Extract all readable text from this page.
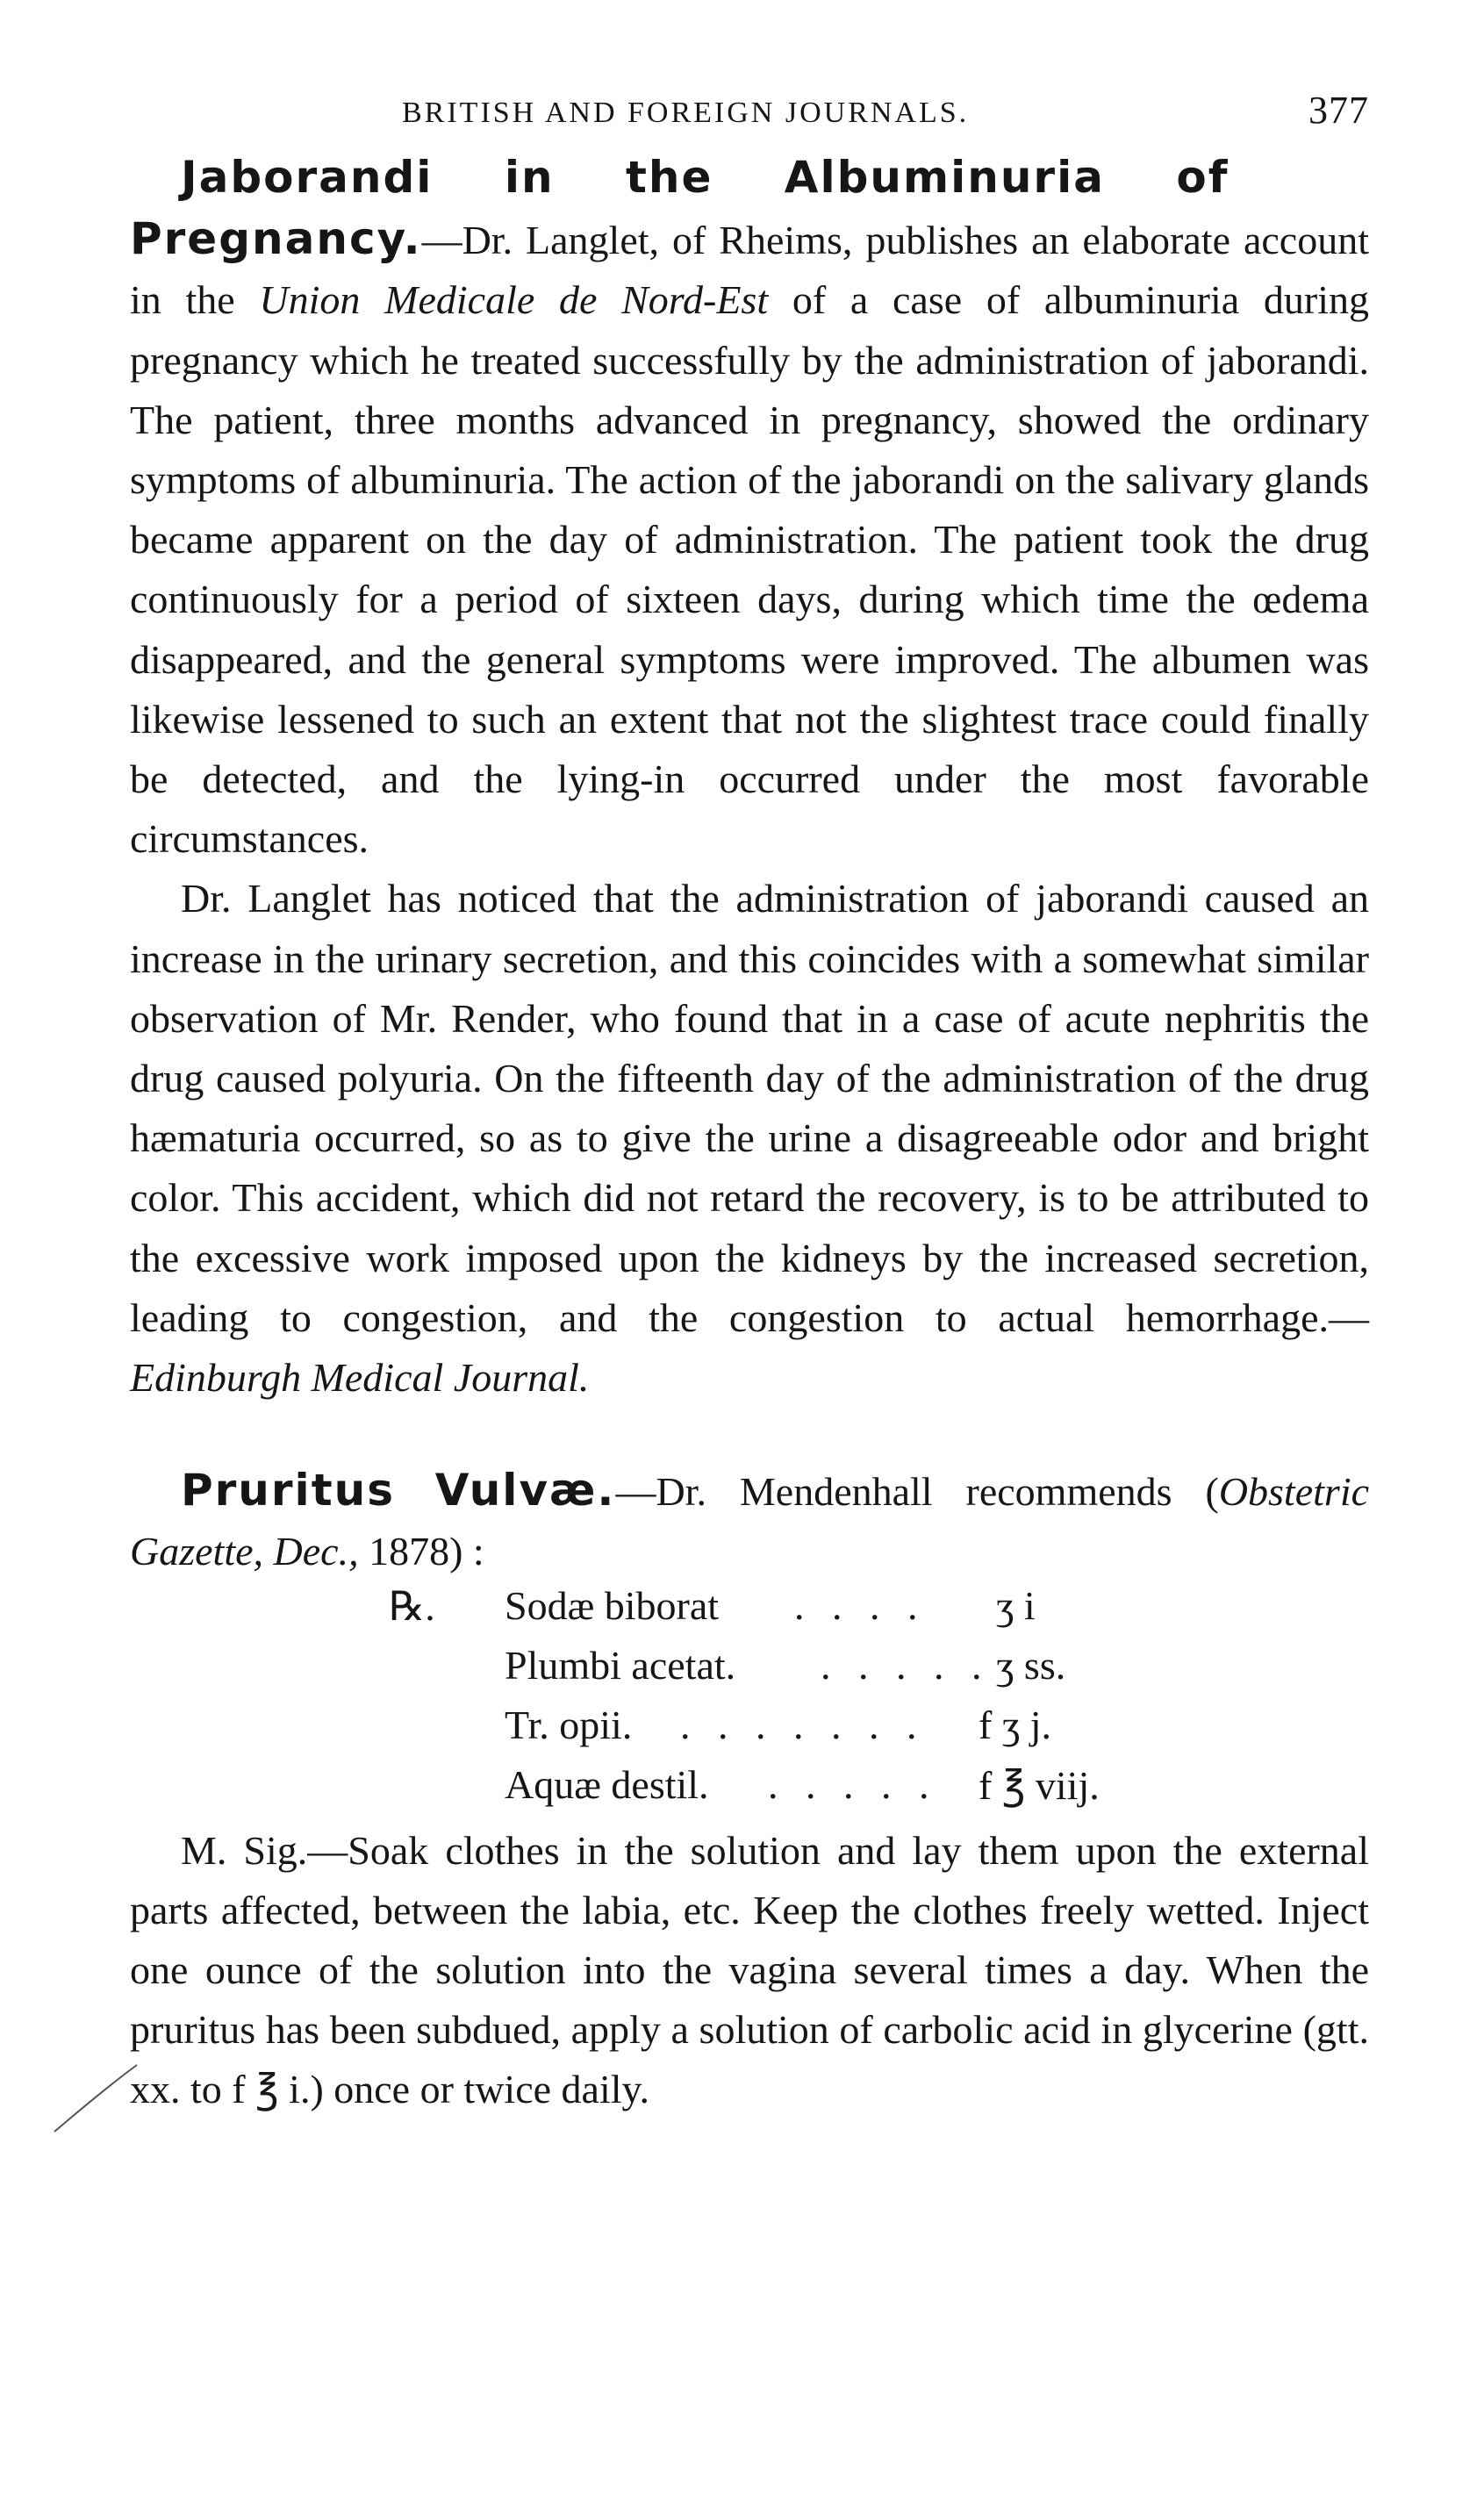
BRITISH AND FOREIGN JOURNALS.	377

Jaborandi in the Albuminuria of

Pregnancy.—Dr. Langlet, of Rheims, publishes an elaborate account in the Union Medicale de Nord-Est of a case of albuminuria during pregnancy which he treated successfully by the administration of jaborandi. The patient, three months advanced in pregnancy, showed the ordinary symptoms of albuminuria. The action of the jaborandi on the salivary glands became apparent on the day of administration. The patient took the drug continuously for a period of sixteen days, during which time the œdema disappeared, and the general symptoms were improved. The albumen was likewise lessened to such an extent that not the slightest trace could finally be detected, and the lying-in occurred under the most favorable circumstances.

Dr. Langlet has noticed that the administration of jaborandi caused an increase in the urinary secretion, and this coincides with a somewhat similar observation of Mr. Render, who found that in a case of acute nephritis the drug caused polyuria. On the fifteenth day of the administration of the drug hæmaturia occurred, so as to give the urine a disagreeable odor and bright color. This accident, which did not retard the recovery, is to be attributed to the excessive work imposed upon the kidneys by the increased secretion, leading to congestion, and the congestion to actual hemorrhage.—Edinburgh Medical Journal.

Pruritus Vulvæ.—Dr. Mendenhall recommends (Obstetric Gazette, Dec., 1878) :

℞. Sodæ biborat . . . . ʒ i
Plumbi acetat. . . . . . ʒ ss.
Tr. opii. . . . . . . . f ʒ j.
Aquæ destil. . . . . . f ℥ viij.

M. Sig.—Soak clothes in the solution and lay them upon the external parts affected, between the labia, etc. Keep the clothes freely wetted. Inject one ounce of the solution into the vagina several times a day. When the pruritus has been subdued, apply a solution of carbolic acid in glycerine (gtt. xx. to f ℥ i.) once or twice daily.
